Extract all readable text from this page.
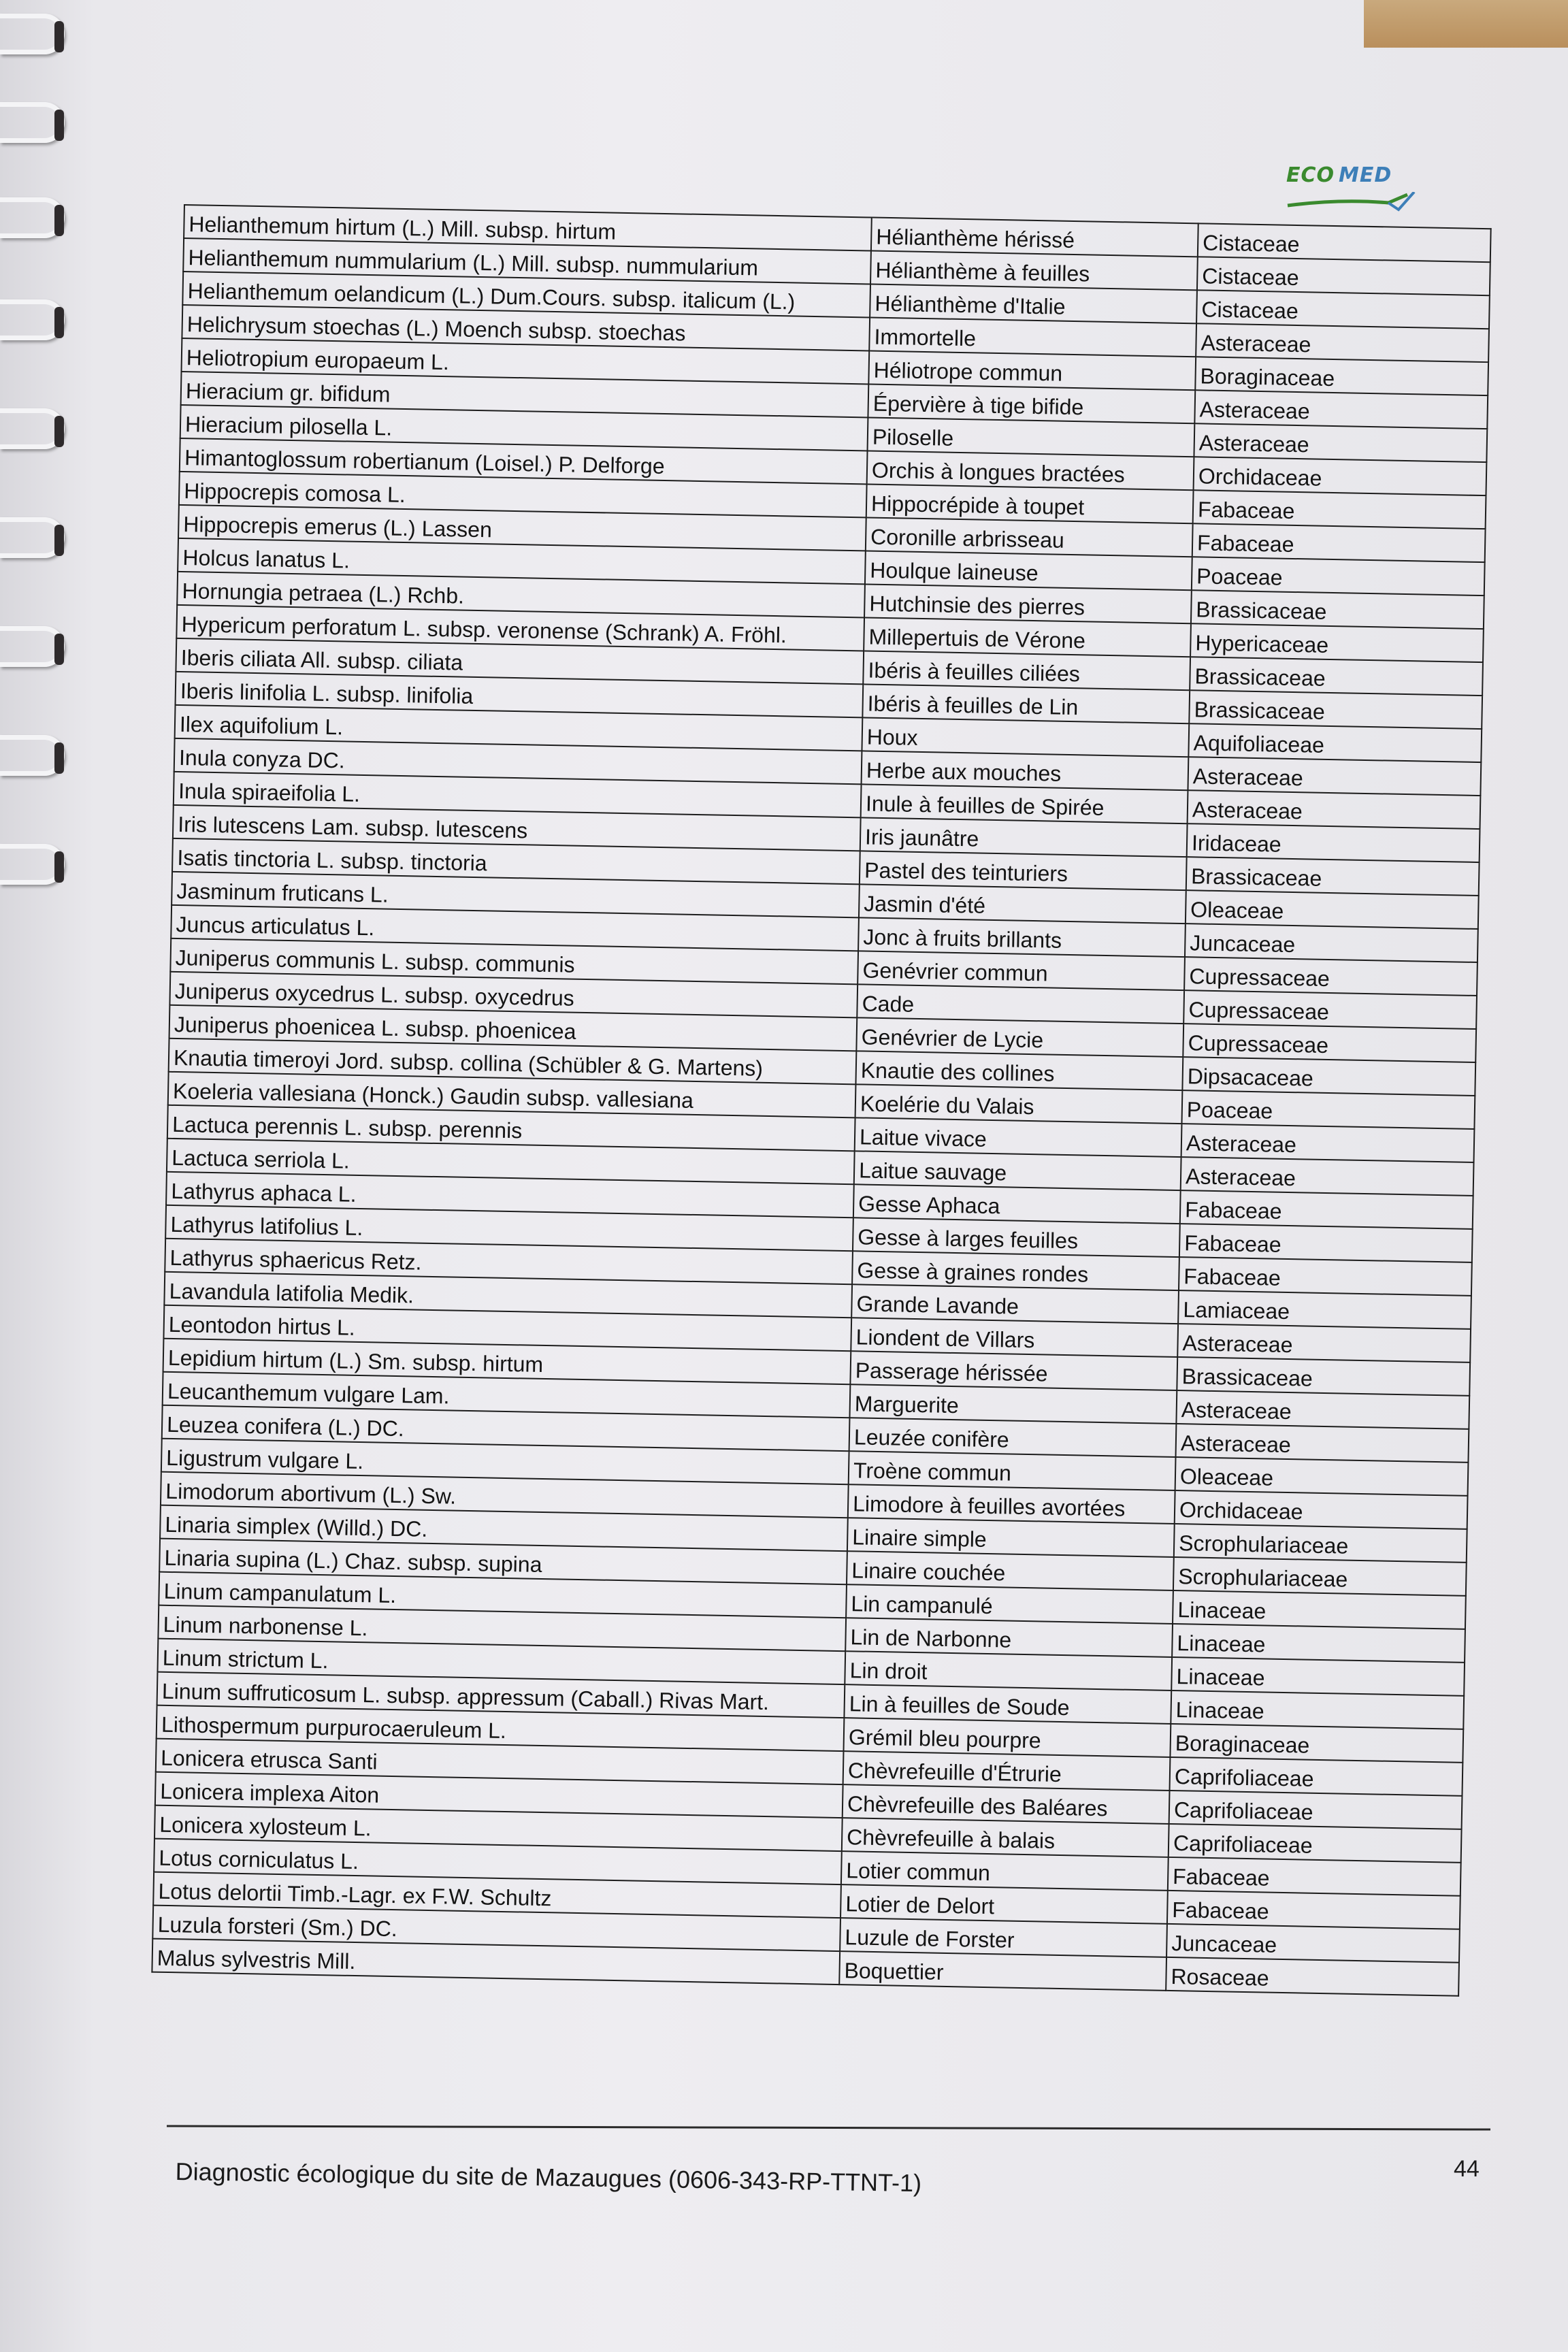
ECO MED
Helianthemum hirtum (L.) Mill. subsp. hirtum	Hélianthème hérissé	Cistaceae
Helianthemum nummularium (L.) Mill. subsp. nummularium	Hélianthème à feuilles	Cistaceae
Helianthemum oelandicum (L.) Dum.Cours. subsp. italicum (L.)	Hélianthème d'Italie	Cistaceae
Helichrysum stoechas (L.) Moench subsp. stoechas	Immortelle	Asteraceae
Heliotropium europaeum L.	Héliotrope commun	Boraginaceae
Hieracium gr. bifidum	Épervière à tige bifide	Asteraceae
Hieracium pilosella L.	Piloselle	Asteraceae
Himantoglossum robertianum (Loisel.) P. Delforge	Orchis à longues bractées	Orchidaceae
Hippocrepis comosa L.	Hippocrépide à toupet	Fabaceae
Hippocrepis emerus (L.) Lassen	Coronille arbrisseau	Fabaceae
Holcus lanatus L.	Houlque laineuse	Poaceae
Hornungia petraea (L.) Rchb.	Hutchinsie des pierres	Brassicaceae
Hypericum perforatum L. subsp. veronense (Schrank) A. Fröhl.	Millepertuis de Vérone	Hypericaceae
Iberis ciliata All. subsp. ciliata	Ibéris à feuilles ciliées	Brassicaceae
Iberis linifolia L. subsp. linifolia	Ibéris à feuilles de Lin	Brassicaceae
Ilex aquifolium L.	Houx	Aquifoliaceae
Inula conyza DC.	Herbe aux mouches	Asteraceae
Inula spiraeifolia L.	Inule à feuilles de Spirée	Asteraceae
Iris lutescens Lam. subsp. lutescens	Iris jaunâtre	Iridaceae
Isatis tinctoria L. subsp. tinctoria	Pastel des teinturiers	Brassicaceae
Jasminum fruticans L.	Jasmin d'été	Oleaceae
Juncus articulatus L.	Jonc à fruits brillants	Juncaceae
Juniperus communis L. subsp. communis	Genévrier commun	Cupressaceae
Juniperus oxycedrus L. subsp. oxycedrus	Cade	Cupressaceae
Juniperus phoenicea L. subsp. phoenicea	Genévrier de Lycie	Cupressaceae
Knautia timeroyi Jord. subsp. collina (Schübler & G. Martens)	Knautie des collines	Dipsacaceae
Koeleria vallesiana (Honck.) Gaudin subsp. vallesiana	Koelérie du Valais	Poaceae
Lactuca perennis L. subsp. perennis	Laitue vivace	Asteraceae
Lactuca serriola L.	Laitue sauvage	Asteraceae
Lathyrus aphaca L.	Gesse Aphaca	Fabaceae
Lathyrus latifolius L.	Gesse à larges feuilles	Fabaceae
Lathyrus sphaericus Retz.	Gesse à graines rondes	Fabaceae
Lavandula latifolia Medik.	Grande Lavande	Lamiaceae
Leontodon hirtus L.	Liondent de Villars	Asteraceae
Lepidium hirtum (L.) Sm. subsp. hirtum	Passerage hérissée	Brassicaceae
Leucanthemum vulgare Lam.	Marguerite	Asteraceae
Leuzea conifera (L.) DC.	Leuzée conifère	Asteraceae
Ligustrum vulgare L.	Troène commun	Oleaceae
Limodorum abortivum (L.) Sw.	Limodore à feuilles avortées	Orchidaceae
Linaria simplex (Willd.) DC.	Linaire simple	Scrophulariaceae
Linaria supina (L.) Chaz. subsp. supina	Linaire couchée	Scrophulariaceae
Linum campanulatum L.	Lin campanulé	Linaceae
Linum narbonense L.	Lin de Narbonne	Linaceae
Linum strictum L.	Lin droit	Linaceae
Linum suffruticosum L. subsp. appressum (Caball.) Rivas Mart.	Lin à feuilles de Soude	Linaceae
Lithospermum purpurocaeruleum L.	Grémil bleu pourpre	Boraginaceae
Lonicera etrusca Santi	Chèvrefeuille d'Étrurie	Caprifoliaceae
Lonicera implexa Aiton	Chèvrefeuille des Baléares	Caprifoliaceae
Lonicera xylosteum L.	Chèvrefeuille à balais	Caprifoliaceae
Lotus corniculatus L.	Lotier commun	Fabaceae
Lotus delortii Timb.-Lagr. ex F.W. Schultz	Lotier de Delort	Fabaceae
Luzula forsteri (Sm.) DC.	Luzule de Forster	Juncaceae
Malus sylvestris Mill.	Boquettier	Rosaceae
Diagnostic écologique du site de Mazaugues (0606-343-RP-TTNT-1)	44
